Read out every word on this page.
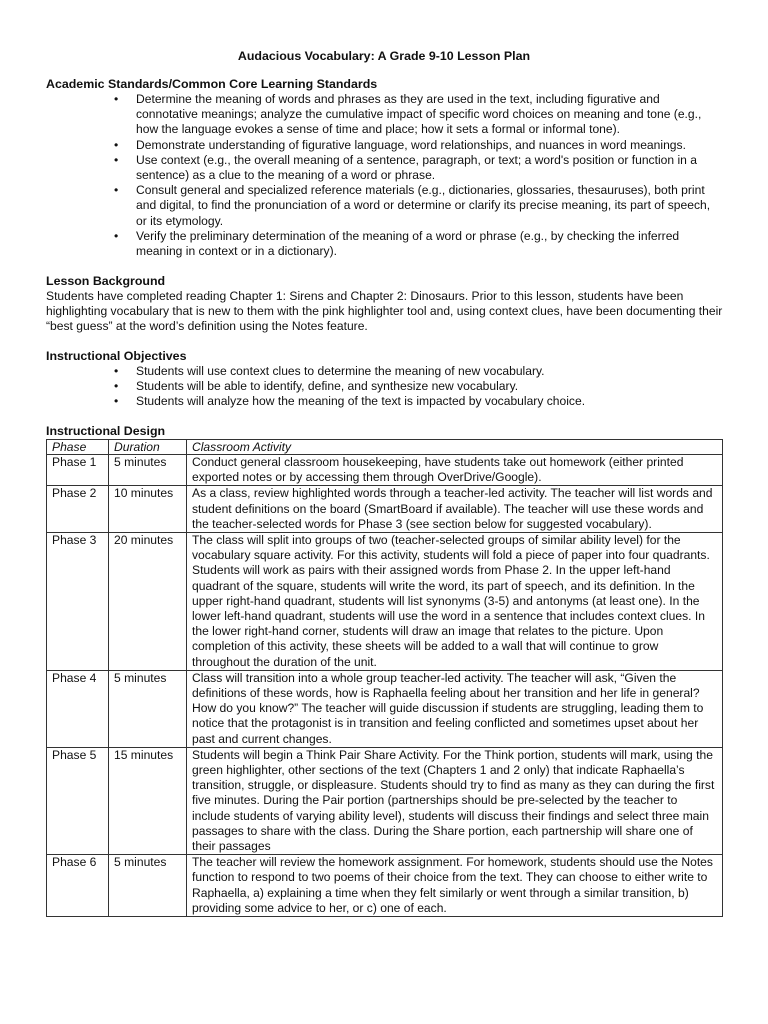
Audacious Vocabulary: A Grade 9-10 Lesson Plan
Academic Standards/Common Core Learning Standards
• Determine the meaning of words and phrases as they are used in the text, including figurative and connotative meanings; analyze the cumulative impact of specific word choices on meaning and tone (e.g., how the language evokes a sense of time and place; how it sets a formal or informal tone).
• Demonstrate understanding of figurative language, word relationships, and nuances in word meanings.
• Use context (e.g., the overall meaning of a sentence, paragraph, or text; a word's position or function in a sentence) as a clue to the meaning of a word or phrase.
• Consult general and specialized reference materials (e.g., dictionaries, glossaries, thesauruses), both print and digital, to find the pronunciation of a word or determine or clarify its precise meaning, its part of speech, or its etymology.
• Verify the preliminary determination of the meaning of a word or phrase (e.g., by checking the inferred meaning in context or in a dictionary).
Lesson Background
Students have completed reading Chapter 1: Sirens and Chapter 2: Dinosaurs. Prior to this lesson, students have been highlighting vocabulary that is new to them with the pink highlighter tool and, using context clues, have been documenting their “best guess” at the word’s definition using the Notes feature.
Instructional Objectives
• Students will use context clues to determine the meaning of new vocabulary.
• Students will be able to identify, define, and synthesize new vocabulary.
• Students will analyze how the meaning of the text is impacted by vocabulary choice.
Instructional Design
Phase	Duration	Classroom Activity
Phase 1	5 minutes	Conduct general classroom housekeeping, have students take out homework (either printed exported notes or by accessing them through OverDrive/Google).
Phase 2	10 minutes	As a class, review highlighted words through a teacher-led activity. The teacher will list words and student definitions on the board (SmartBoard if available). The teacher will use these words and the teacher-selected words for Phase 3 (see section below for suggested vocabulary).
Phase 3	20 minutes	The class will split into groups of two (teacher-selected groups of similar ability level) for the vocabulary square activity. For this activity, students will fold a piece of paper into four quadrants. Students will work as pairs with their assigned words from Phase 2. In the upper left-hand quadrant of the square, students will write the word, its part of speech, and its definition. In the upper right-hand quadrant, students will list synonyms (3-5) and antonyms (at least one). In the lower left-hand quadrant, students will use the word in a sentence that includes context clues. In the lower right-hand corner, students will draw an image that relates to the picture. Upon completion of this activity, these sheets will be added to a wall that will continue to grow throughout the duration of the unit.
Phase 4	5 minutes	Class will transition into a whole group teacher-led activity. The teacher will ask, “Given the definitions of these words, how is Raphaella feeling about her transition and her life in general? How do you know?” The teacher will guide discussion if students are struggling, leading them to notice that the protagonist is in transition and feeling conflicted and sometimes upset about her past and current changes.
Phase 5	15 minutes	Students will begin a Think Pair Share Activity. For the Think portion, students will mark, using the green highlighter, other sections of the text (Chapters 1 and 2 only) that indicate Raphaella’s transition, struggle, or displeasure. Students should try to find as many as they can during the first five minutes. During the Pair portion (partnerships should be pre-selected by the teacher to include students of varying ability level), students will discuss their findings and select three main passages to share with the class. During the Share portion, each partnership will share one of their passages
Phase 6	5 minutes	The teacher will review the homework assignment. For homework, students should use the Notes function to respond to two poems of their choice from the text. They can choose to either write to Raphaella, a) explaining a time when they felt similarly or went through a similar transition, b) providing some advice to her, or c) one of each.
